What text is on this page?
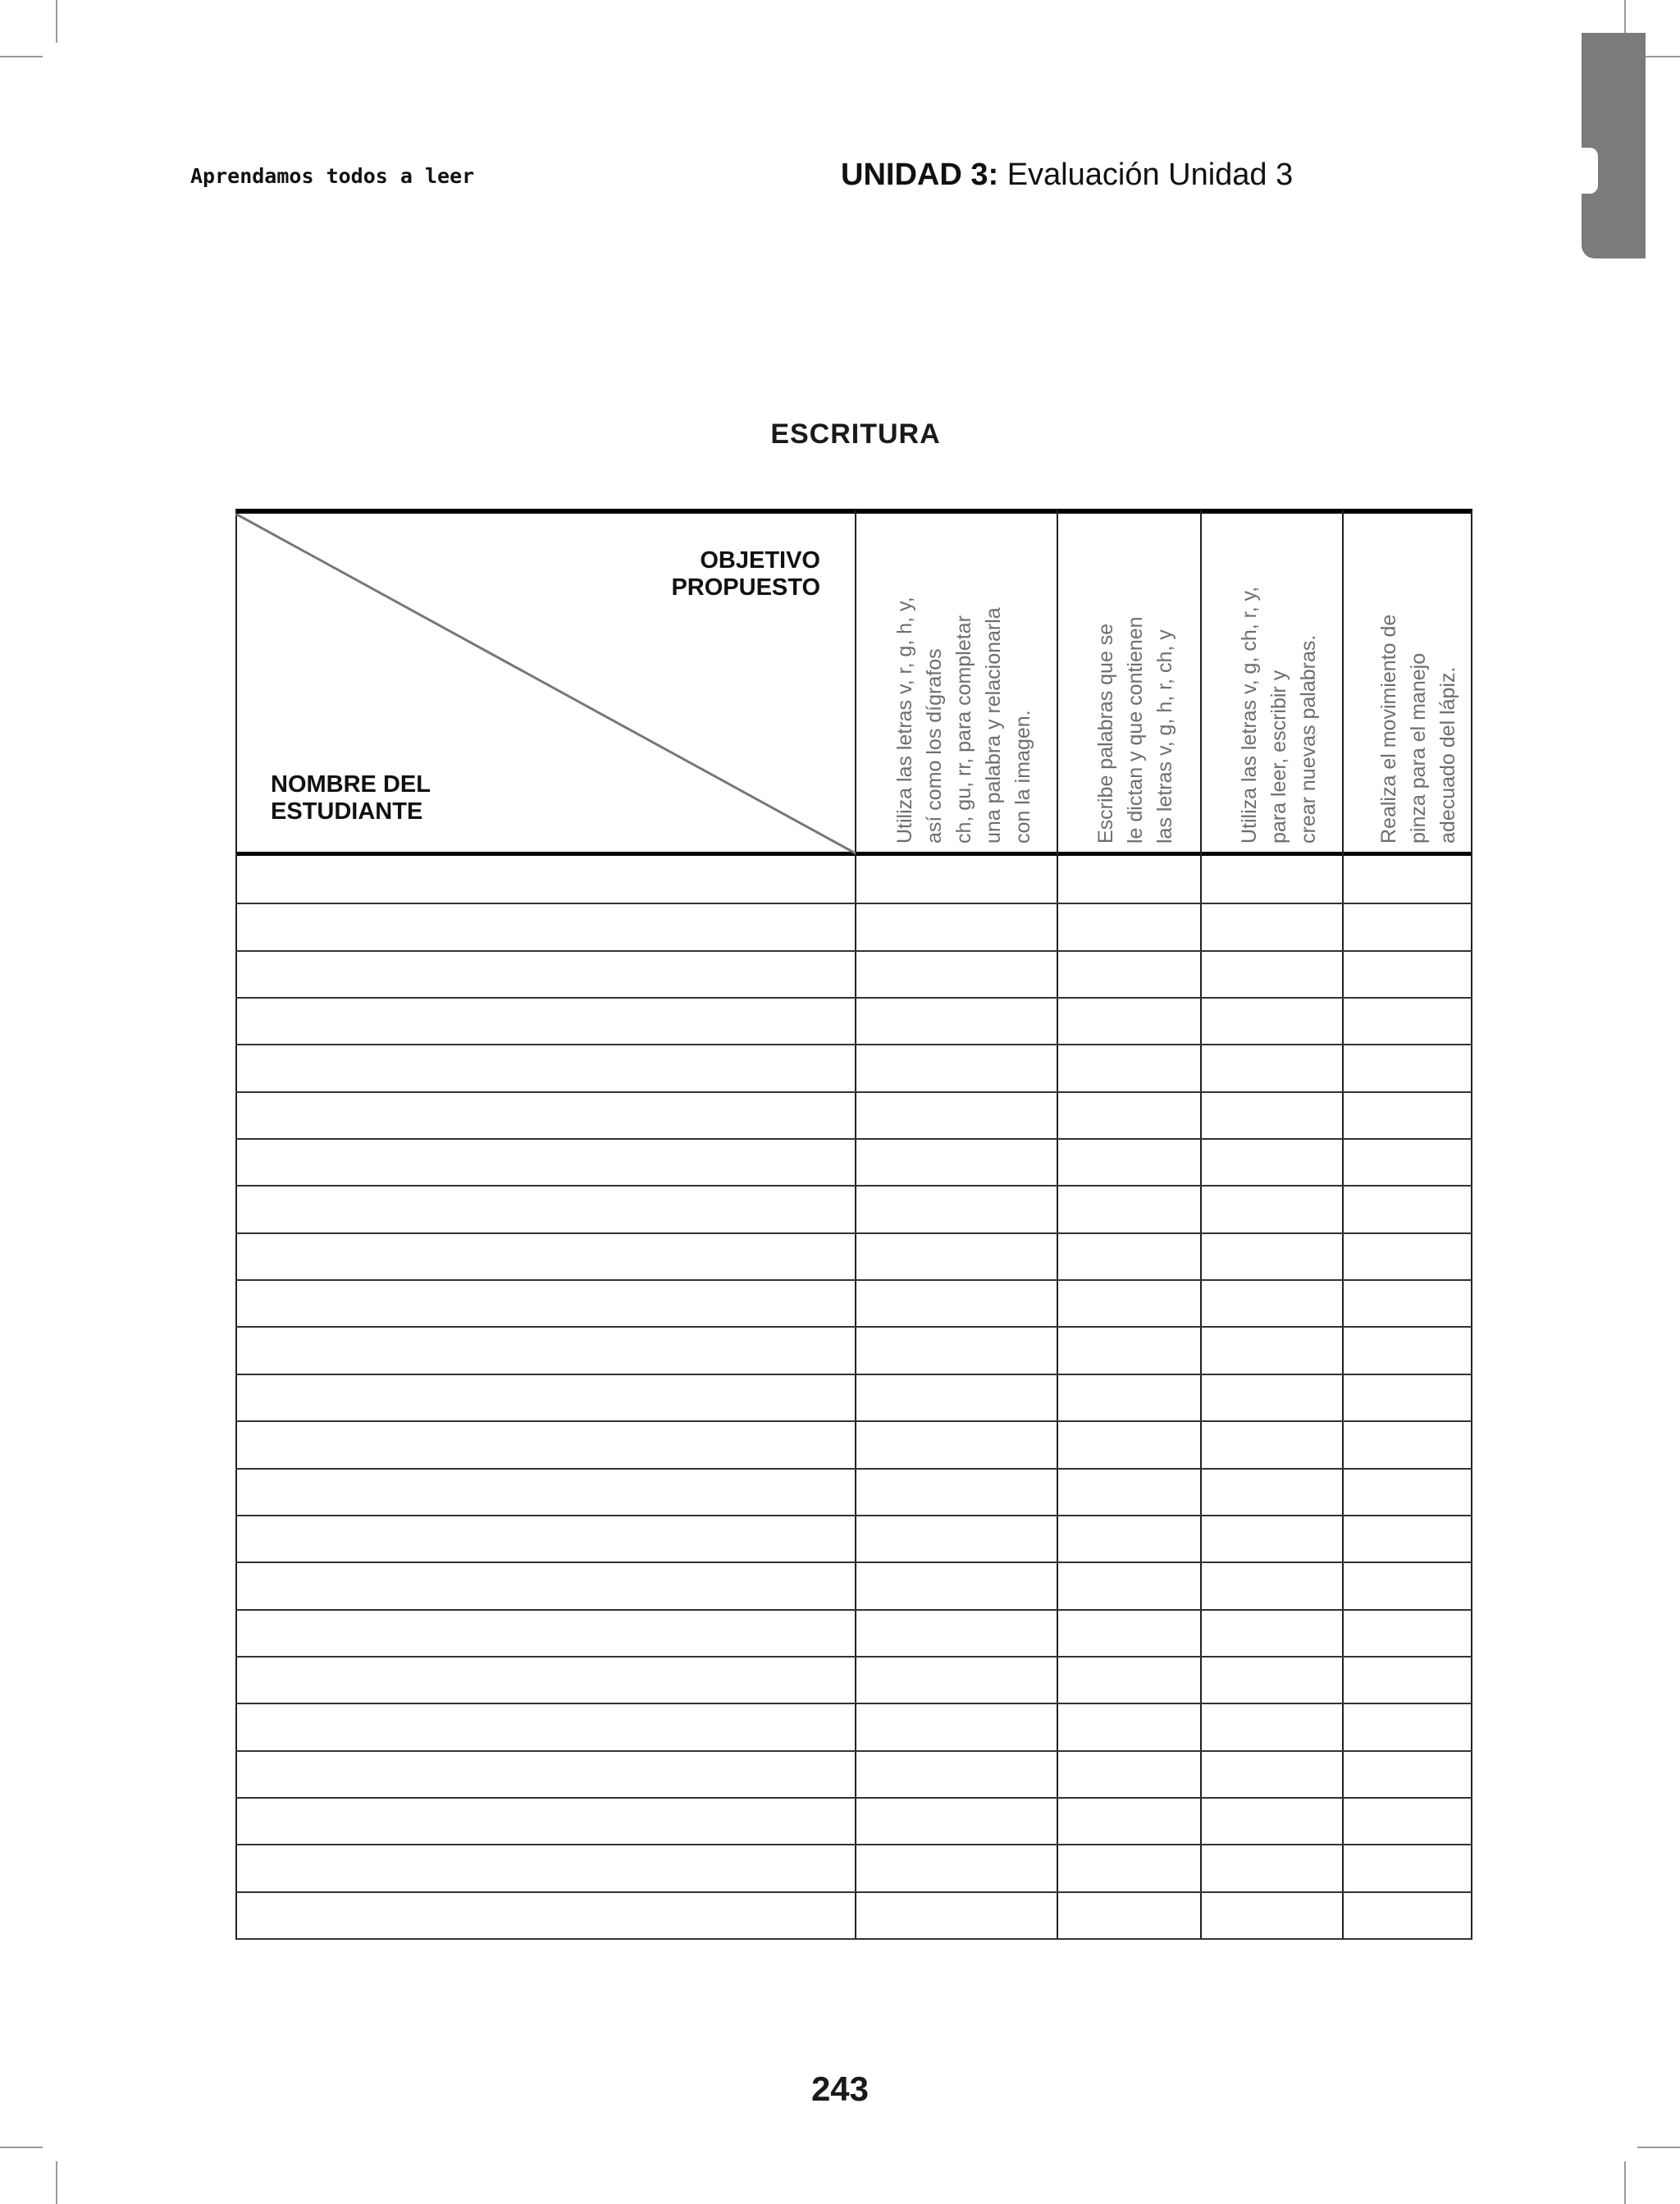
Aprendamos todos a leer	UNIDAD 3: Evaluación Unidad 3
ESCRITURA
OBJETIVO
PROPUESTO
NOMBRE DEL
ESTUDIANTE	Utiliza las letras v, r, g, h, y,
así como los dígrafos
ch, gu, rr, para completar
una palabra y relacionarla
con la imagen.
Escribe palabras que se
le dictan y que contienen
las letras v, g, h, r, ch, y
Utiliza las letras v, g, ch, r, y,
para leer, escribir y
crear nuevas palabras.
Realiza el movimiento de
pinza para el manejo
adecuado del lápiz.
243
